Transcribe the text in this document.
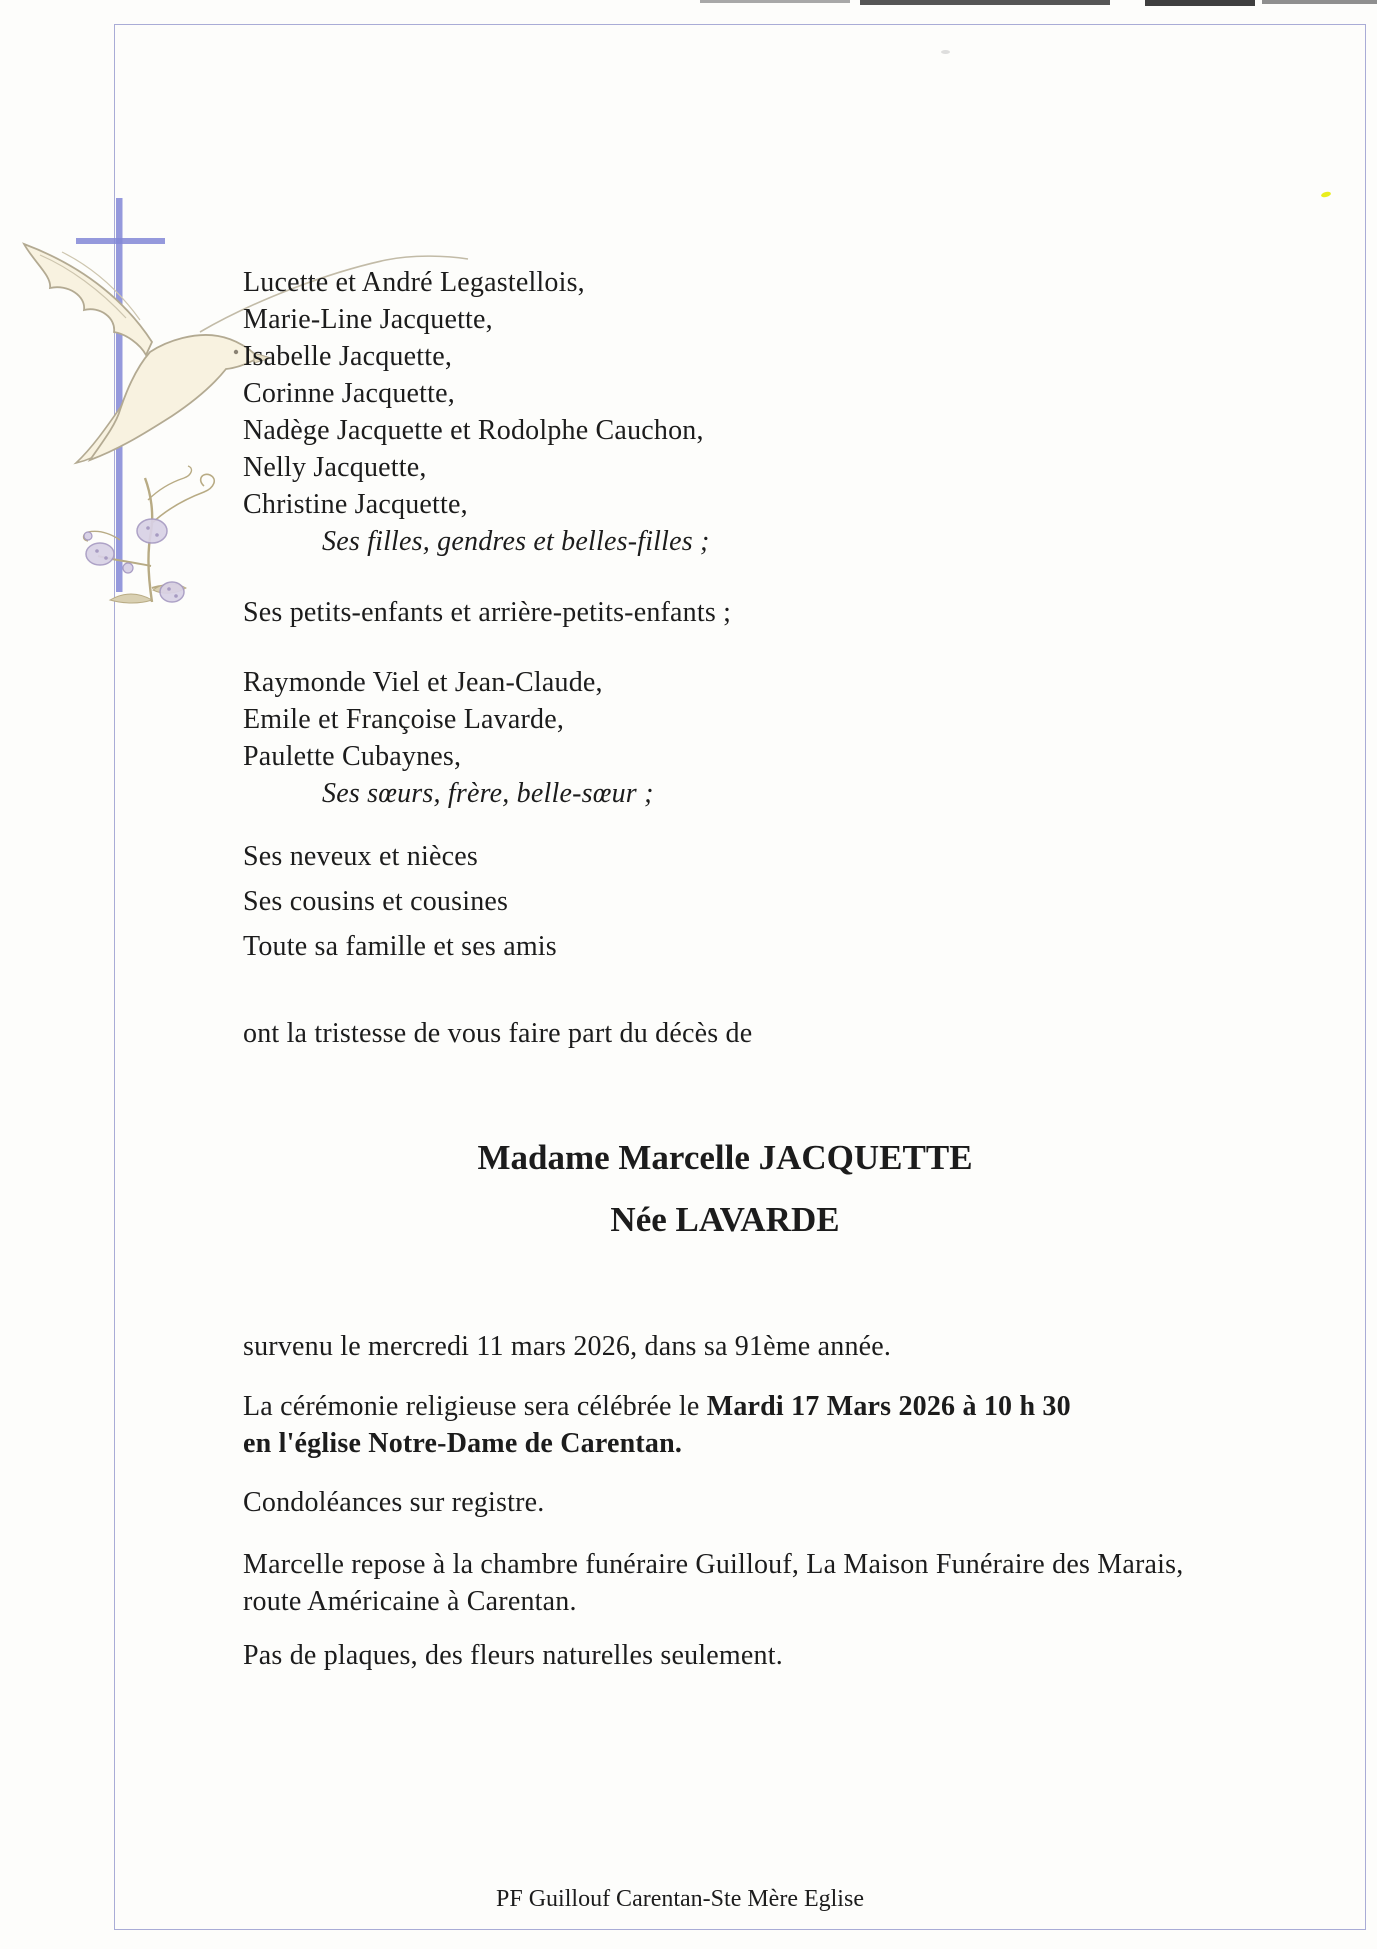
Lucette et André Legastellois,
Marie-Line Jacquette,
Isabelle Jacquette,
Corinne Jacquette,
Nadège Jacquette et Rodolphe Cauchon,
Nelly Jacquette,
Christine Jacquette,
Ses filles, gendres et belles-filles ;
Ses petits-enfants et arrière-petits-enfants ;
Raymonde Viel et Jean-Claude,
Emile et Françoise Lavarde,
Paulette Cubaynes,
Ses sœurs, frère, belle-sœur ;
Ses neveux et nièces
Ses cousins et cousines
Toute sa famille et ses amis
ont la tristesse de vous faire part du décès de
Madame Marcelle JACQUETTE
Née LAVARDE
survenu le mercredi 11 mars 2026, dans sa 91ème année.
La cérémonie religieuse sera célébrée le Mardi 17 Mars 2026 à 10 h 30
en l'église Notre-Dame de Carentan.
Condoléances sur registre.
Marcelle repose à la chambre funéraire Guillouf, La Maison Funéraire des Marais,
route Américaine à Carentan.
Pas de plaques, des fleurs naturelles seulement.
PF Guillouf Carentan-Ste Mère Eglise
